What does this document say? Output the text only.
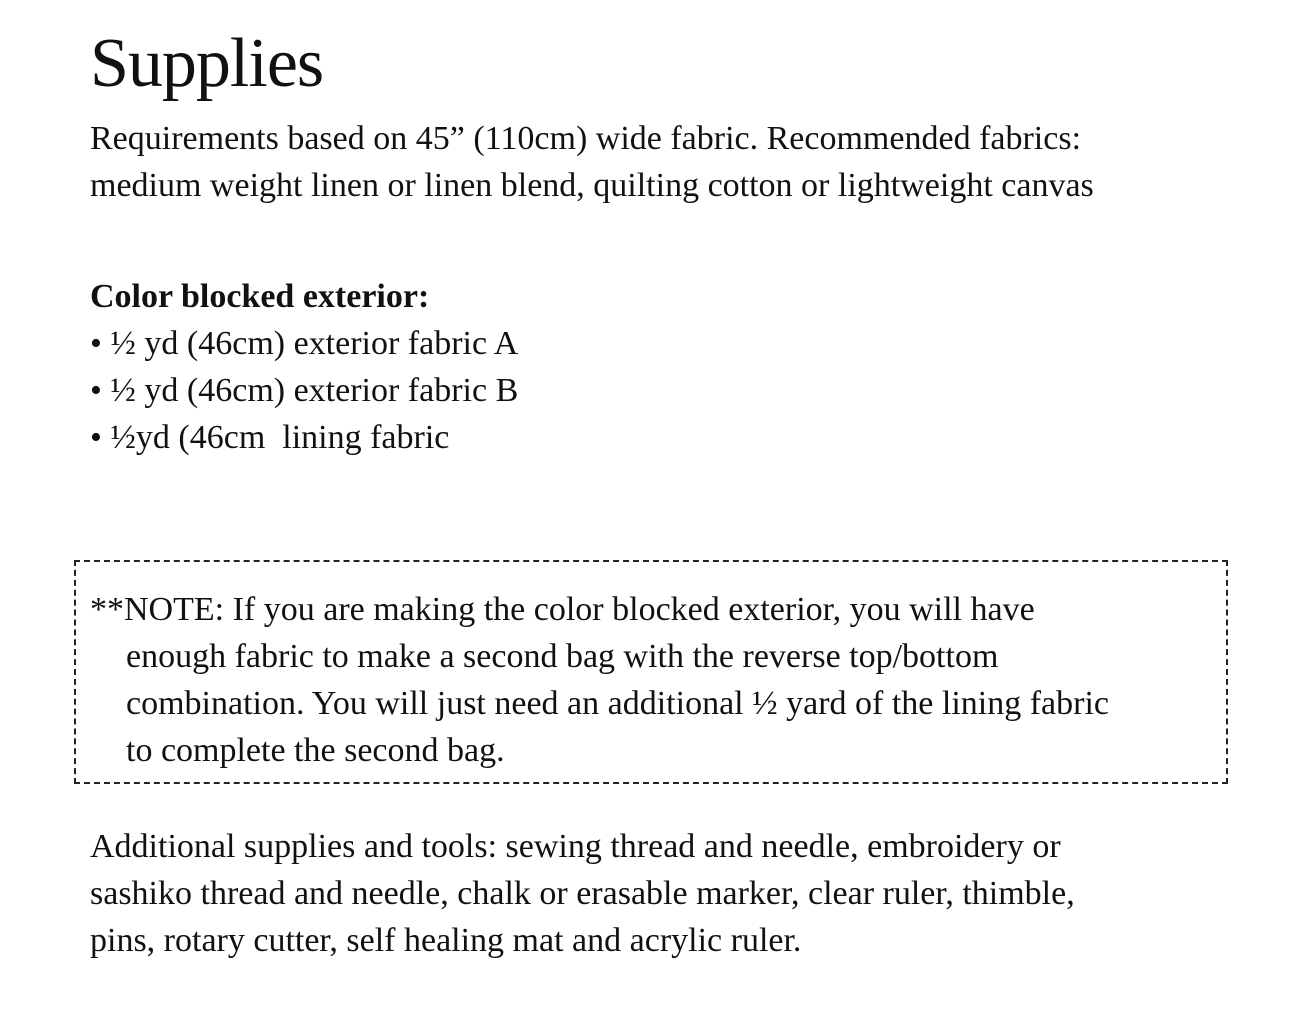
Supplies

Requirements based on 45” (110cm) wide fabric. Recommended fabrics:
medium weight linen or linen blend, quilting cotton or lightweight canvas

Color blocked exterior:

• ½ yd (46cm) exterior fabric A
• ½ yd (46cm) exterior fabric B
• ½yd (46cm  lining fabric

**NOTE: If you are making the color blocked exterior, you will have
enough fabric to make a second bag with the reverse top/bottom
combination. You will just need an additional ½ yard of the lining fabric
to complete the second bag.

Additional supplies and tools: sewing thread and needle, embroidery or
sashiko thread and needle, chalk or erasable marker, clear ruler, thimble,
pins, rotary cutter, self healing mat and acrylic ruler.
